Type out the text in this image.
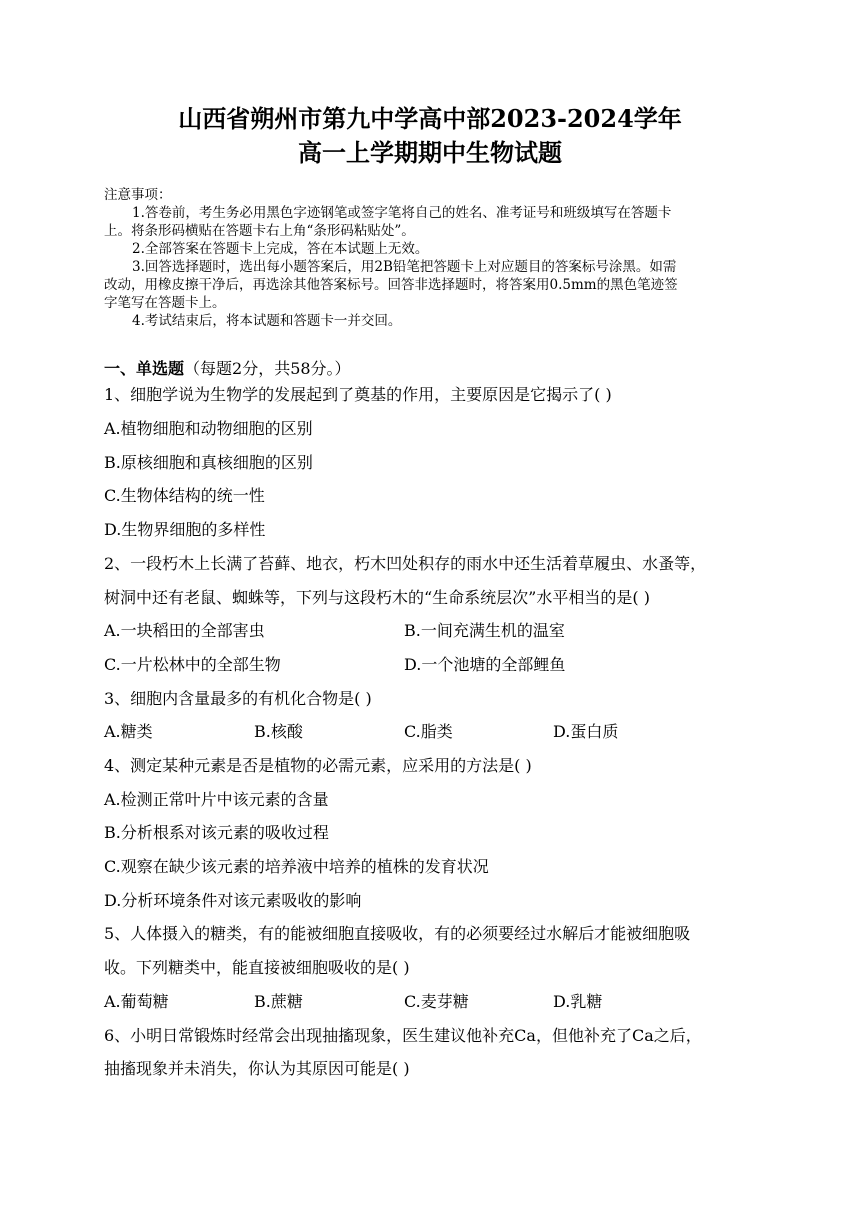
山西省朔州市第九中学高中部2023-2024学年
高一上学期期中生物试题

注意事项：

1.答卷前，考生务必用黑色字迹钢笔或签字笔将自己的姓名、准考证号和班级填写在答题卡

上。将条形码横贴在答题卡右上角“条形码粘贴处”。

2.全部答案在答题卡上完成，答在本试题上无效。

3.回答选择题时，选出每小题答案后，用2B铅笔把答题卡上对应题目的答案标号涂黑。如需

改动，用橡皮擦干净后，再选涂其他答案标号。回答非选择题时，将答案用0.5mm的黑色笔迹签

字笔写在答题卡上。

4.考试结束后，将本试题和答题卡一并交回。

一、单选题（每题2分，共58分。）
1、细胞学说为生物学的发展起到了奠基的作用，主要原因是它揭示了( )
A.植物细胞和动物细胞的区别
B.原核细胞和真核细胞的区别
C.生物体结构的统一性
D.生物界细胞的多样性
2、一段朽木上长满了苔藓、地衣，朽木凹处积存的雨水中还生活着草履虫、水蚤等，
树洞中还有老鼠、蜘蛛等，下列与这段朽木的“生命系统层次”水平相当的是( )
A.一块稻田的全部害虫	B.一间充满生机的温室
C.一片松林中的全部生物	D.一个池塘的全部鲤鱼
3、细胞内含量最多的有机化合物是( )
A.糖类	B.核酸	C.脂类	D.蛋白质
4、测定某种元素是否是植物的必需元素，应采用的方法是( )
A.检测正常叶片中该元素的含量
B.分析根系对该元素的吸收过程
C.观察在缺少该元素的培养液中培养的植株的发育状况
D.分析环境条件对该元素吸收的影响
5、人体摄入的糖类，有的能被细胞直接吸收，有的必须要经过水解后才能被细胞吸
收。下列糖类中，能直接被细胞吸收的是( )
A.葡萄糖	B.蔗糖	C.麦芽糖	D.乳糖
6、小明日常锻炼时经常会出现抽搐现象，医生建议他补充Ca，但他补充了Ca之后，
抽搐现象并未消失，你认为其原因可能是( )
